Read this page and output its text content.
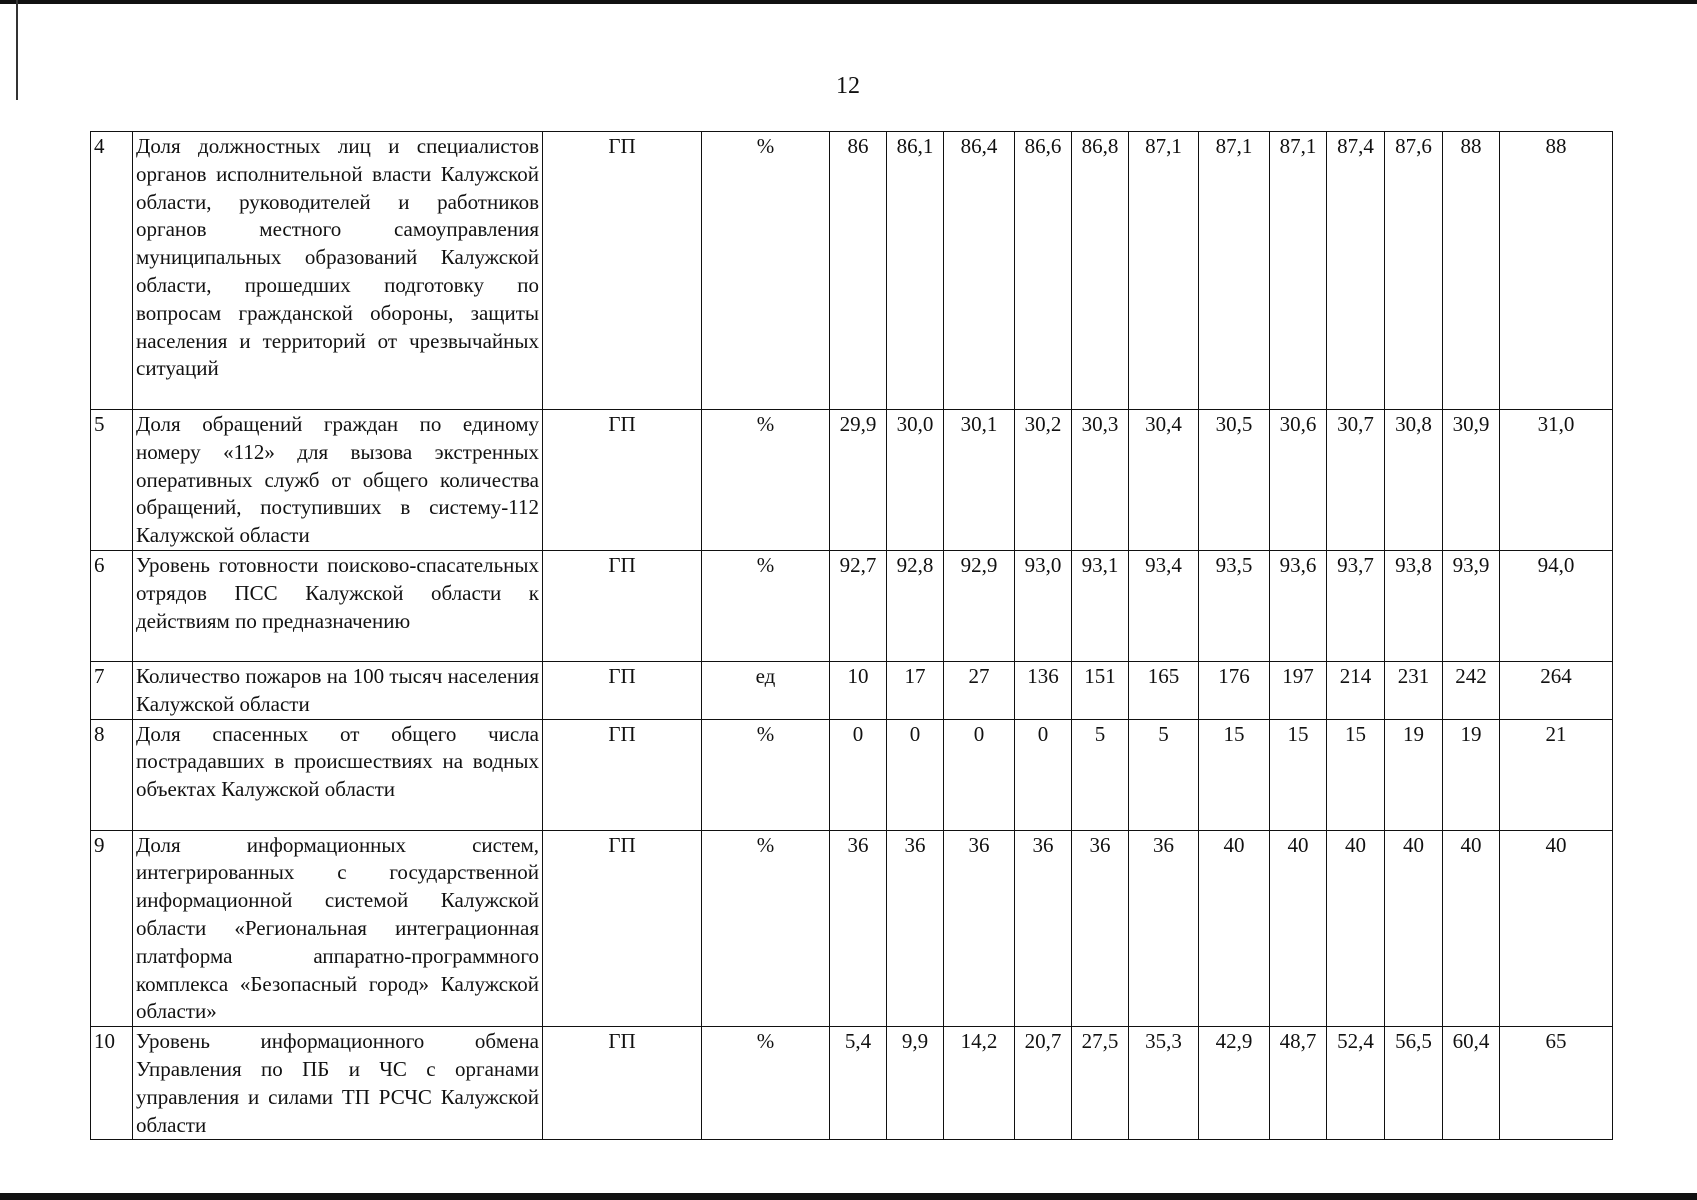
12
4	Доля должностных лиц и специалистов органов исполнительной власти Калужской области, руководителей и работников органов местного самоуправления муниципальных образований Калужской области, прошедших подготовку по вопросам гражданской обороны, защиты населения и территорий от чрезвычайных ситуаций	ГП	%	86	86,1	86,4	86,6	86,8	87,1	87,1	87,1	87,4	87,6	88	88
5	Доля обращений граждан по единому номеру «112» для вызова экстренных оперативных служб от общего количества обращений, поступивших в систему-112 Калужской области	ГП	%	29,9	30,0	30,1	30,2	30,3	30,4	30,5	30,6	30,7	30,8	30,9	31,0
6	Уровень готовности поисково-спасательных отрядов ПСС Калужской области к действиям по предназначению	ГП	%	92,7	92,8	92,9	93,0	93,1	93,4	93,5	93,6	93,7	93,8	93,9	94,0
7	Количество пожаров на 100 тысяч населения Калужской области	ГП	ед	10	17	27	136	151	165	176	197	214	231	242	264
8	Доля спасенных от общего числа пострадавших в происшествиях на водных объектах Калужской области	ГП	%	0	0	0	0	5	5	15	15	15	19	19	21
9	Доля информационных систем, интегрированных с государственной информационной системой Калужской области «Региональная интеграционная платформа аппаратно-программного комплекса «Безопасный город» Калужской области»	ГП	%	36	36	36	36	36	36	40	40	40	40	40	40
10	Уровень информационного обмена Управления по ПБ и ЧС с органами управления и силами ТП РСЧС Калужской области	ГП	%	5,4	9,9	14,2	20,7	27,5	35,3	42,9	48,7	52,4	56,5	60,4	65
